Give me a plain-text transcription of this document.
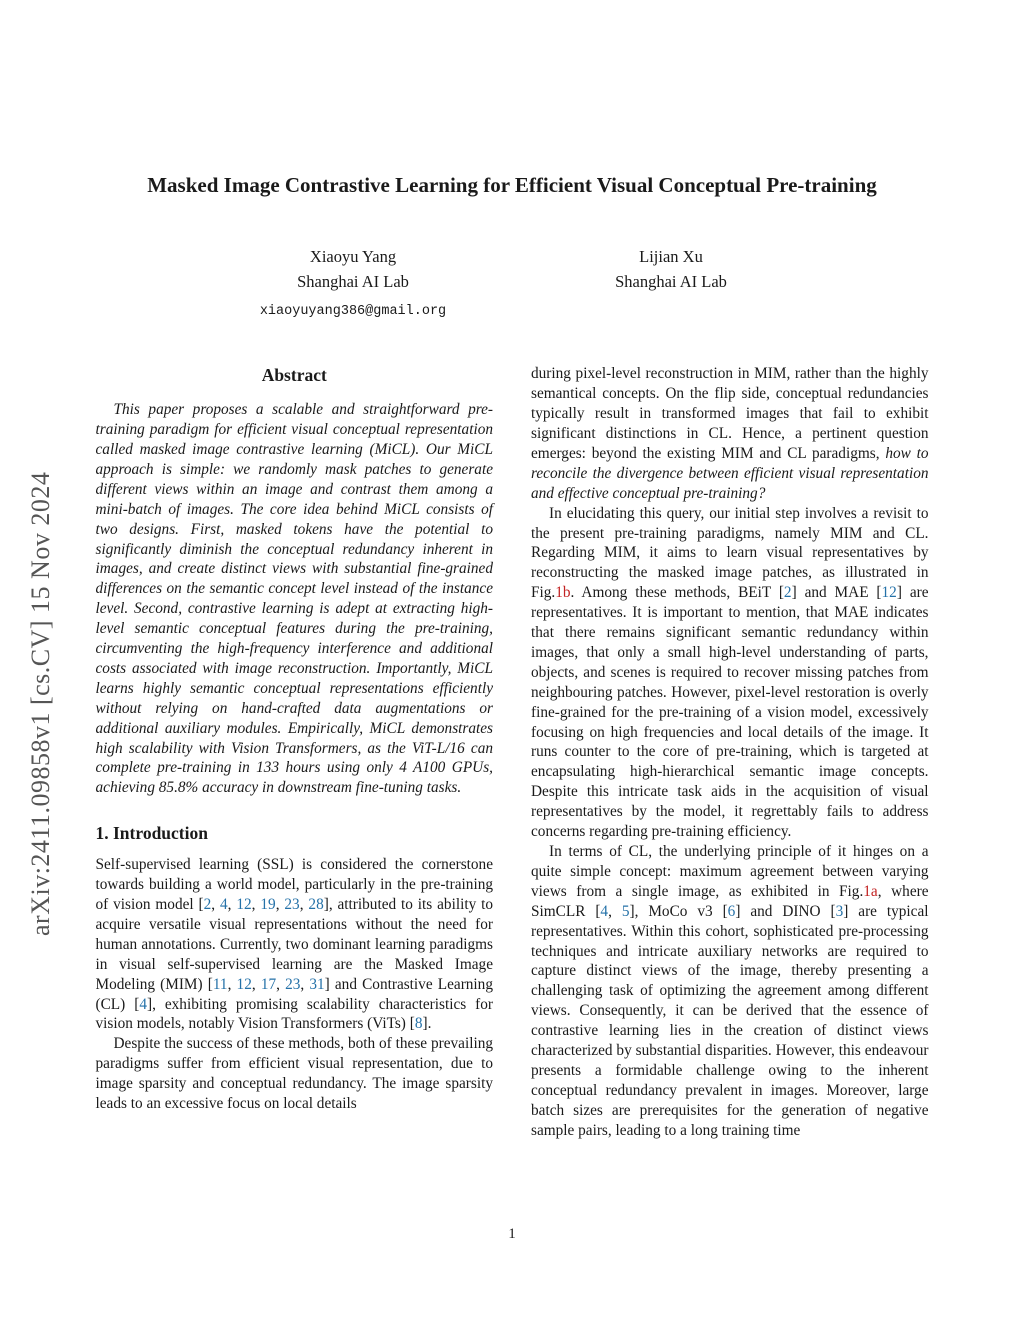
arXiv:2411.09858v1 [cs.CV] 15 Nov 2024
Masked Image Contrastive Learning for Efficient Visual Conceptual Pre-training
Xiaoyu Yang
Shanghai AI Lab
xiaoyuyang386@gmail.org
Lijian Xu
Shanghai AI Lab
Abstract

This paper proposes a scalable and straightforward pre-training paradigm for efficient visual conceptual representation called masked image contrastive learning (MiCL). Our MiCL approach is simple: we randomly mask patches to generate different views within an image and contrast them among a mini-batch of images. The core idea behind MiCL consists of two designs. First, masked tokens have the potential to significantly diminish the conceptual redundancy inherent in images, and create distinct views with substantial fine-grained differences on the semantic concept level instead of the instance level. Second, contrastive learning is adept at extracting high-level semantic conceptual features during the pre-training, circumventing the high-frequency interference and additional costs associated with image reconstruction. Importantly, MiCL learns highly semantic conceptual representations efficiently without relying on hand-crafted data augmentations or additional auxiliary modules. Empirically, MiCL demonstrates high scalability with Vision Transformers, as the ViT-L/16 can complete pre-training in 133 hours using only 4 A100 GPUs, achieving 85.8% accuracy in downstream fine-tuning tasks.

1. Introduction

Self-supervised learning (SSL) is considered the cornerstone towards building a world model, particularly in the pre-training of vision model [2, 4, 12, 19, 23, 28], attributed to its ability to acquire versatile visual representations without the need for human annotations. Currently, two dominant learning paradigms in visual self-supervised learning are the Masked Image Modeling (MIM) [11, 12, 17, 23, 31] and Contrastive Learning (CL) [4], exhibiting promising scalability characteristics for vision models, notably Vision Transformers (ViTs) [8].

Despite the success of these methods, both of these prevailing paradigms suffer from efficient visual representation, due to image sparsity and conceptual redundancy. The image sparsity leads to an excessive focus on local details

during pixel-level reconstruction in MIM, rather than the highly semantical concepts. On the flip side, conceptual redundancies typically result in transformed images that fail to exhibit significant distinctions in CL. Hence, a pertinent question emerges: beyond the existing MIM and CL paradigms, how to reconcile the divergence between efficient visual representation and effective conceptual pre-training?

In elucidating this query, our initial step involves a revisit to the present pre-training paradigms, namely MIM and CL. Regarding MIM, it aims to learn visual representatives by reconstructing the masked image patches, as illustrated in Fig.1b. Among these methods, BEiT [2] and MAE [12] are representatives. It is important to mention, that MAE indicates that there remains significant semantic redundancy within images, that only a small high-level understanding of parts, objects, and scenes is required to recover missing patches from neighbouring patches. However, pixel-level restoration is overly fine-grained for the pre-training of a vision model, excessively focusing on high frequencies and local details of the image. It runs counter to the core of pre-training, which is targeted at encapsulating high-hierarchical semantic image concepts. Despite this intricate task aids in the acquisition of visual representatives by the model, it regrettably fails to address concerns regarding pre-training efficiency.

In terms of CL, the underlying principle of it hinges on a quite simple concept: maximum agreement between varying views from a single image, as exhibited in Fig.1a, where SimCLR [4, 5], MoCo v3 [6] and DINO [3] are typical representatives. Within this cohort, sophisticated pre-processing techniques and intricate auxiliary networks are required to capture distinct views of the image, thereby presenting a challenging task of optimizing the agreement among different views. Consequently, it can be derived that the essence of contrastive learning lies in the creation of distinct views characterized by substantial disparities. However, this endeavour presents a formidable challenge owing to the inherent conceptual redundancy prevalent in images. Moreover, large batch sizes are prerequisites for the generation of negative sample pairs, leading to a long training time

1
